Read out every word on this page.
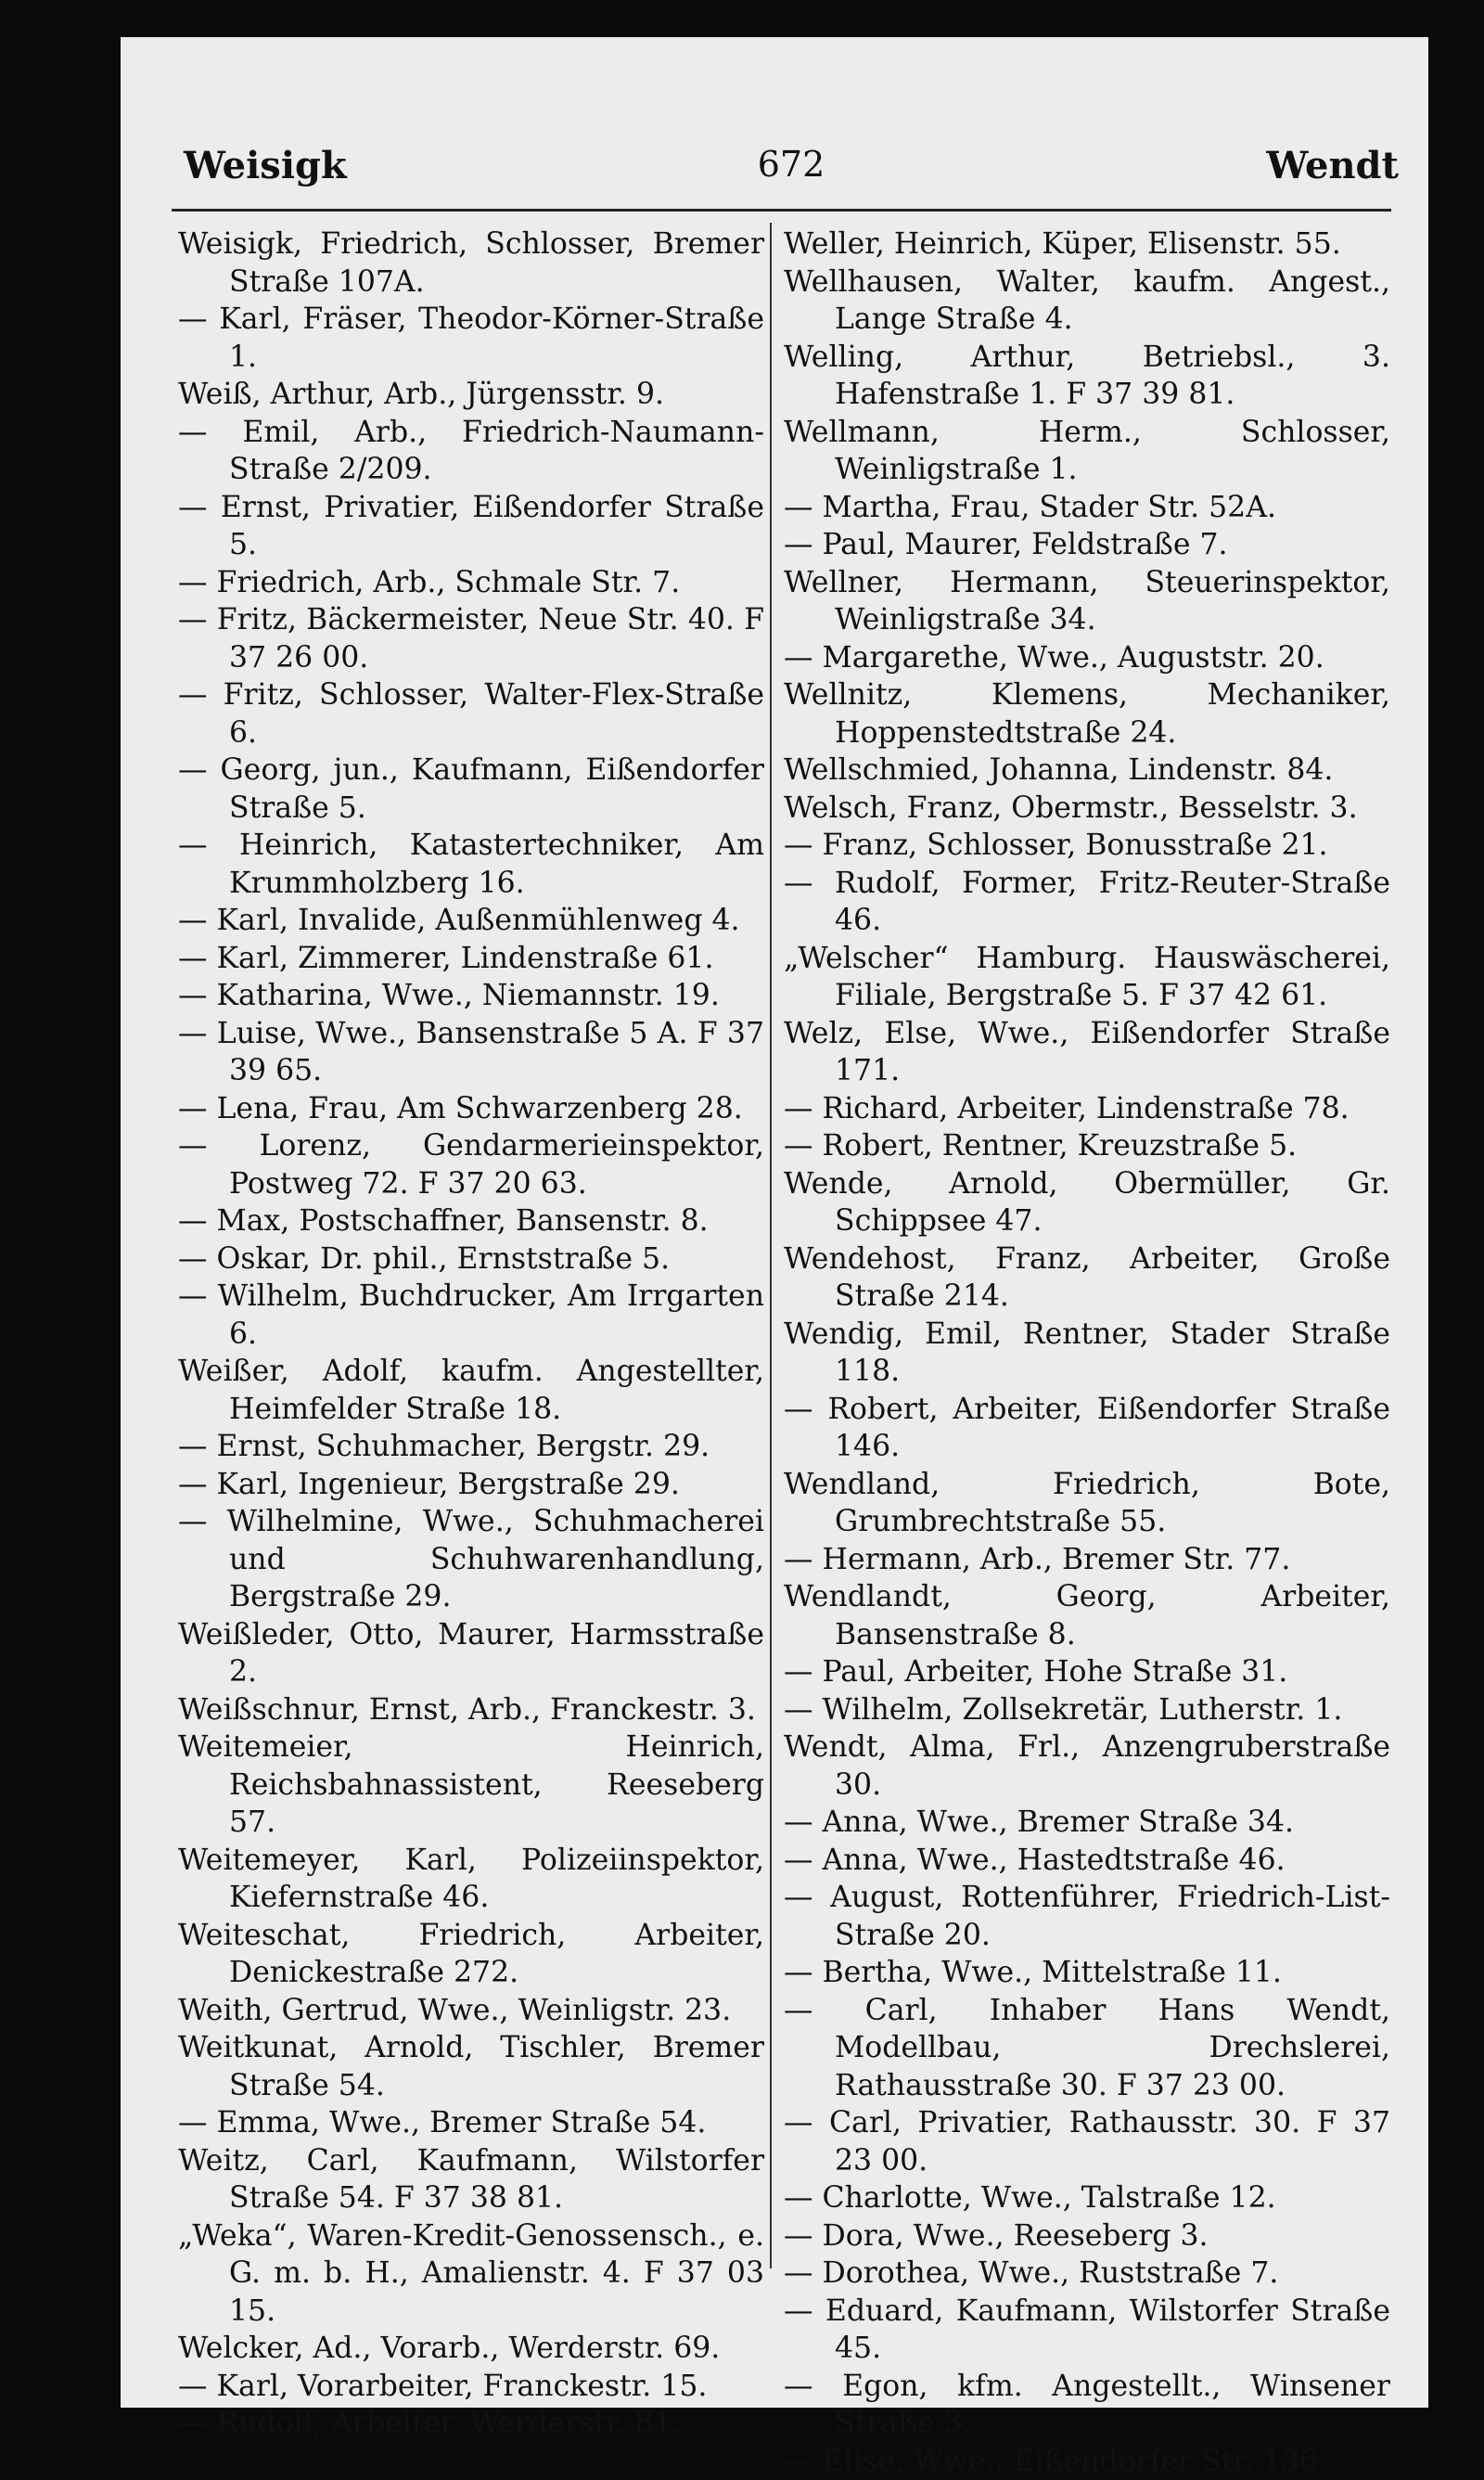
Weisigk	672	Wendt
Weisigk, Friedrich, Schlosser, Bremer Straße 107A.
— Karl, Fräser, Theodor-Körner-Straße 1.
Weiß, Arthur, Arb., Jürgensstr. 9.
— Emil, Arb., Friedrich-Naumann-Straße 2/209.
— Ernst, Privatier, Eißendorfer Straße 5.
— Friedrich, Arb., Schmale Str. 7.
— Fritz, Bäckermeister, Neue Str. 40. F 37 26 00.
— Fritz, Schlosser, Walter-Flex-Straße 6.
— Georg, jun., Kaufmann, Eißendorfer Straße 5.
— Heinrich, Katastertechniker, Am Krummholzberg 16.
— Karl, Invalide, Außenmühlenweg 4.
— Karl, Zimmerer, Lindenstraße 61.
— Katharina, Wwe., Niemannstr. 19.
— Luise, Wwe., Bansenstraße 5 A. F 37 39 65.
— Lena, Frau, Am Schwarzenberg 28.
— Lorenz, Gendarmerieinspektor, Postweg 72. F 37 20 63.
— Max, Postschaffner, Bansenstr. 8.
— Oskar, Dr. phil., Ernststraße 5.
— Wilhelm, Buchdrucker, Am Irrgarten 6.
Weißer, Adolf, kaufm. Angestellter, Heimfelder Straße 18.
— Ernst, Schuhmacher, Bergstr. 29.
— Karl, Ingenieur, Bergstraße 29.
— Wilhelmine, Wwe., Schuhmacherei und Schuhwarenhandlung, Bergstraße 29.
Weißleder, Otto, Maurer, Harmsstraße 2.
Weißschnur, Ernst, Arb., Franckestr. 3.
Weitemeier, Heinrich, Reichsbahnassistent, Reeseberg 57.
Weitemeyer, Karl, Polizeiinspektor, Kiefernstraße 46.
Weiteschat, Friedrich, Arbeiter, Denickestraße 272.
Weith, Gertrud, Wwe., Weinligstr. 23.
Weitkunat, Arnold, Tischler, Bremer Straße 54.
— Emma, Wwe., Bremer Straße 54.
Weitz, Carl, Kaufmann, Wilstorfer Straße 54. F 37 38 81.
„Weka“, Waren-Kredit-Genossensch., e. G. m. b. H., Amalienstr. 4. F 37 03 15.
Welcker, Ad., Vorarb., Werderstr. 69.
— Karl, Vorarbeiter, Franckestr. 15.
— Rudolf, Arbeiter, Werderstr. 81.
Weller, Heinrich, Küper, Elisenstr. 55.
Wellhausen, Walter, kaufm. Angest., Lange Straße 4.
Welling, Arthur, Betriebsl., 3. Hafenstraße 1. F 37 39 81.
Wellmann, Herm., Schlosser, Weinligstraße 1.
— Martha, Frau, Stader Str. 52A.
— Paul, Maurer, Feldstraße 7.
Wellner, Hermann, Steuerinspektor, Weinligstraße 34.
— Margarethe, Wwe., Auguststr. 20.
Wellnitz, Klemens, Mechaniker, Hoppenstedtstraße 24.
Wellschmied, Johanna, Lindenstr. 84.
Welsch, Franz, Obermstr., Besselstr. 3.
— Franz, Schlosser, Bonusstraße 21.
— Rudolf, Former, Fritz-Reuter-Straße 46.
„Welscher“ Hamburg. Hauswäscherei, Filiale, Bergstraße 5. F 37 42 61.
Welz, Else, Wwe., Eißendorfer Straße 171.
— Richard, Arbeiter, Lindenstraße 78.
— Robert, Rentner, Kreuzstraße 5.
Wende, Arnold, Obermüller, Gr. Schippsee 47.
Wendehost, Franz, Arbeiter, Große Straße 214.
Wendig, Emil, Rentner, Stader Straße 118.
— Robert, Arbeiter, Eißendorfer Straße 146.
Wendland, Friedrich, Bote, Grumbrechtstraße 55.
— Hermann, Arb., Bremer Str. 77.
Wendlandt, Georg, Arbeiter, Bansenstraße 8.
— Paul, Arbeiter, Hohe Straße 31.
— Wilhelm, Zollsekretär, Lutherstr. 1.
Wendt, Alma, Frl., Anzengruberstraße 30.
— Anna, Wwe., Bremer Straße 34.
— Anna, Wwe., Hastedtstraße 46.
— August, Rottenführer, Friedrich-List-Straße 20.
— Bertha, Wwe., Mittelstraße 11.
— Carl, Inhaber Hans Wendt, Modellbau, Drechslerei, Rathausstraße 30. F 37 23 00.
— Carl, Privatier, Rathausstr. 30. F 37 23 00.
— Charlotte, Wwe., Talstraße 12.
— Dora, Wwe., Reeseberg 3.
— Dorothea, Wwe., Ruststraße 7.
— Eduard, Kaufmann, Wilstorfer Straße 45.
— Egon, kfm. Angestellt., Winsener Straße 3.
— Elise, Wwe., Eißendorfer Str. 136.
